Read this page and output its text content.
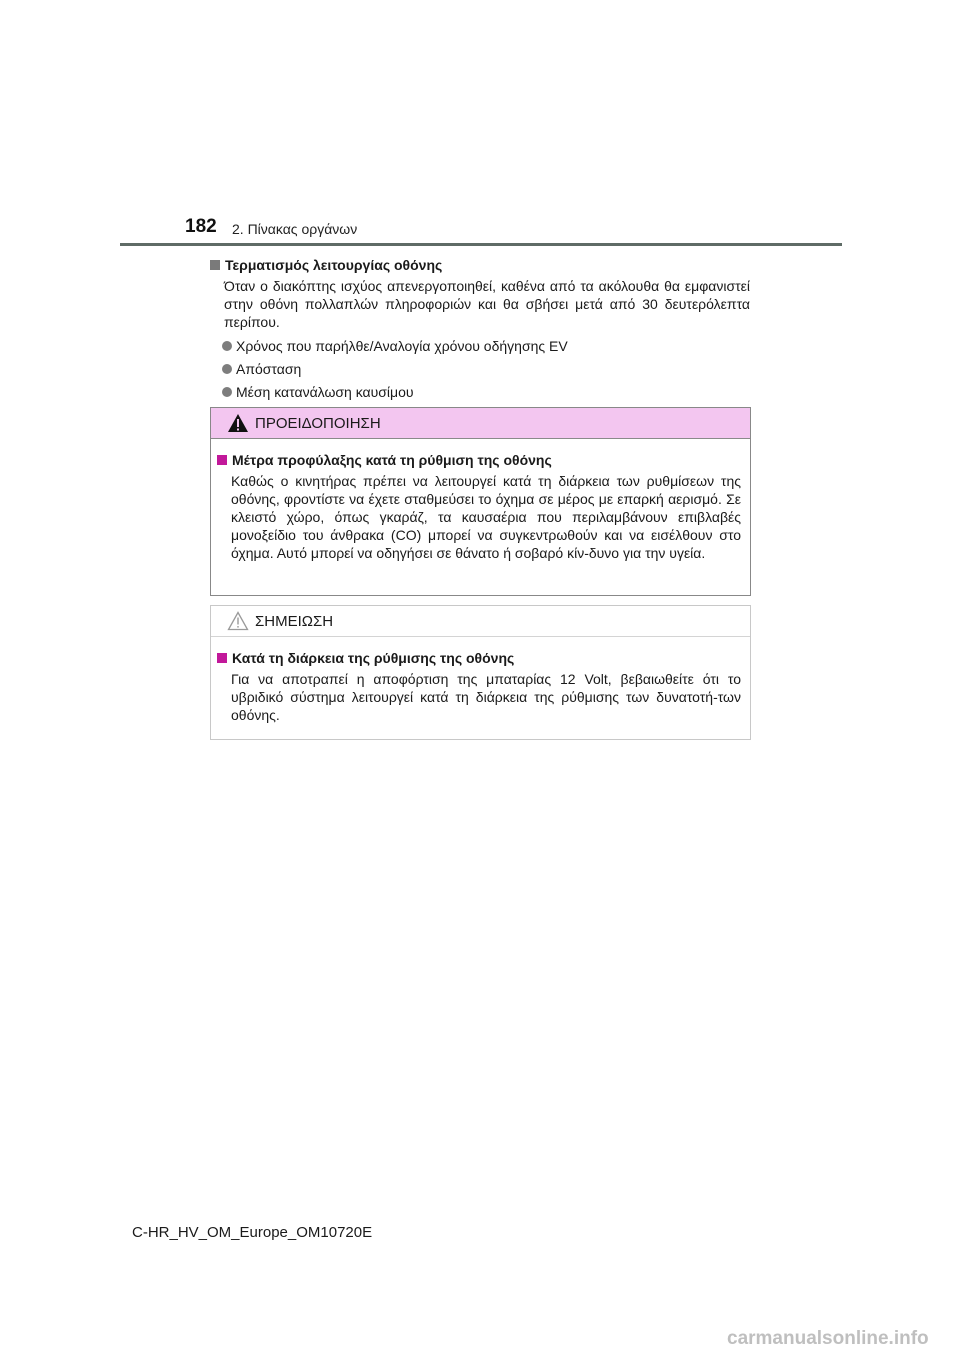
182 2. Πίνακας οργάνων
Τερματισμός λειτουργίας οθόνης

Όταν ο διακόπτης ισχύος απενεργοποιηθεί, καθένα από τα ακόλουθα θα εμφανιστεί στην οθόνη πολλαπλών πληροφοριών και θα σβήσει μετά από 30 δευτερόλεπτα περίπου.

Χρόνος που παρήλθε/Αναλογία χρόνου οδήγησης EV
Απόσταση
Μέση κατανάλωση καυσίμου
ΠΡΟΕΙΔΟΠΟΙΗΣΗ
Μέτρα προφύλαξης κατά τη ρύθμιση της οθόνης

Καθώς ο κινητήρας πρέπει να λειτουργεί κατά τη διάρκεια των ρυθμίσεων της οθόνης, φροντίστε να έχετε σταθμεύσει το όχημα σε μέρος με επαρκή αερισμό. Σε κλειστό χώρο, όπως γκαράζ, τα καυσαέρια που περιλαμβάνουν επιβλαβές μονοξείδιο του άνθρακα (CO) μπορεί να συγκεντρωθούν και να εισέλθουν στο όχημα. Αυτό μπορεί να οδηγήσει σε θάνατο ή σοβαρό κίν-δυνο για την υγεία.

ΣΗΜΕΙΩΣΗ
Κατά τη διάρκεια της ρύθμισης της οθόνης

Για να αποτραπεί η αποφόρτιση της μπαταρίας 12 Volt, βεβαιωθείτε ότι το υβριδικό σύστημα λειτουργεί κατά τη διάρκεια της ρύθμισης των δυνατοτή-των οθόνης.

C-HR_HV_OM_Europe_OM10720E
carmanualsonline.info
